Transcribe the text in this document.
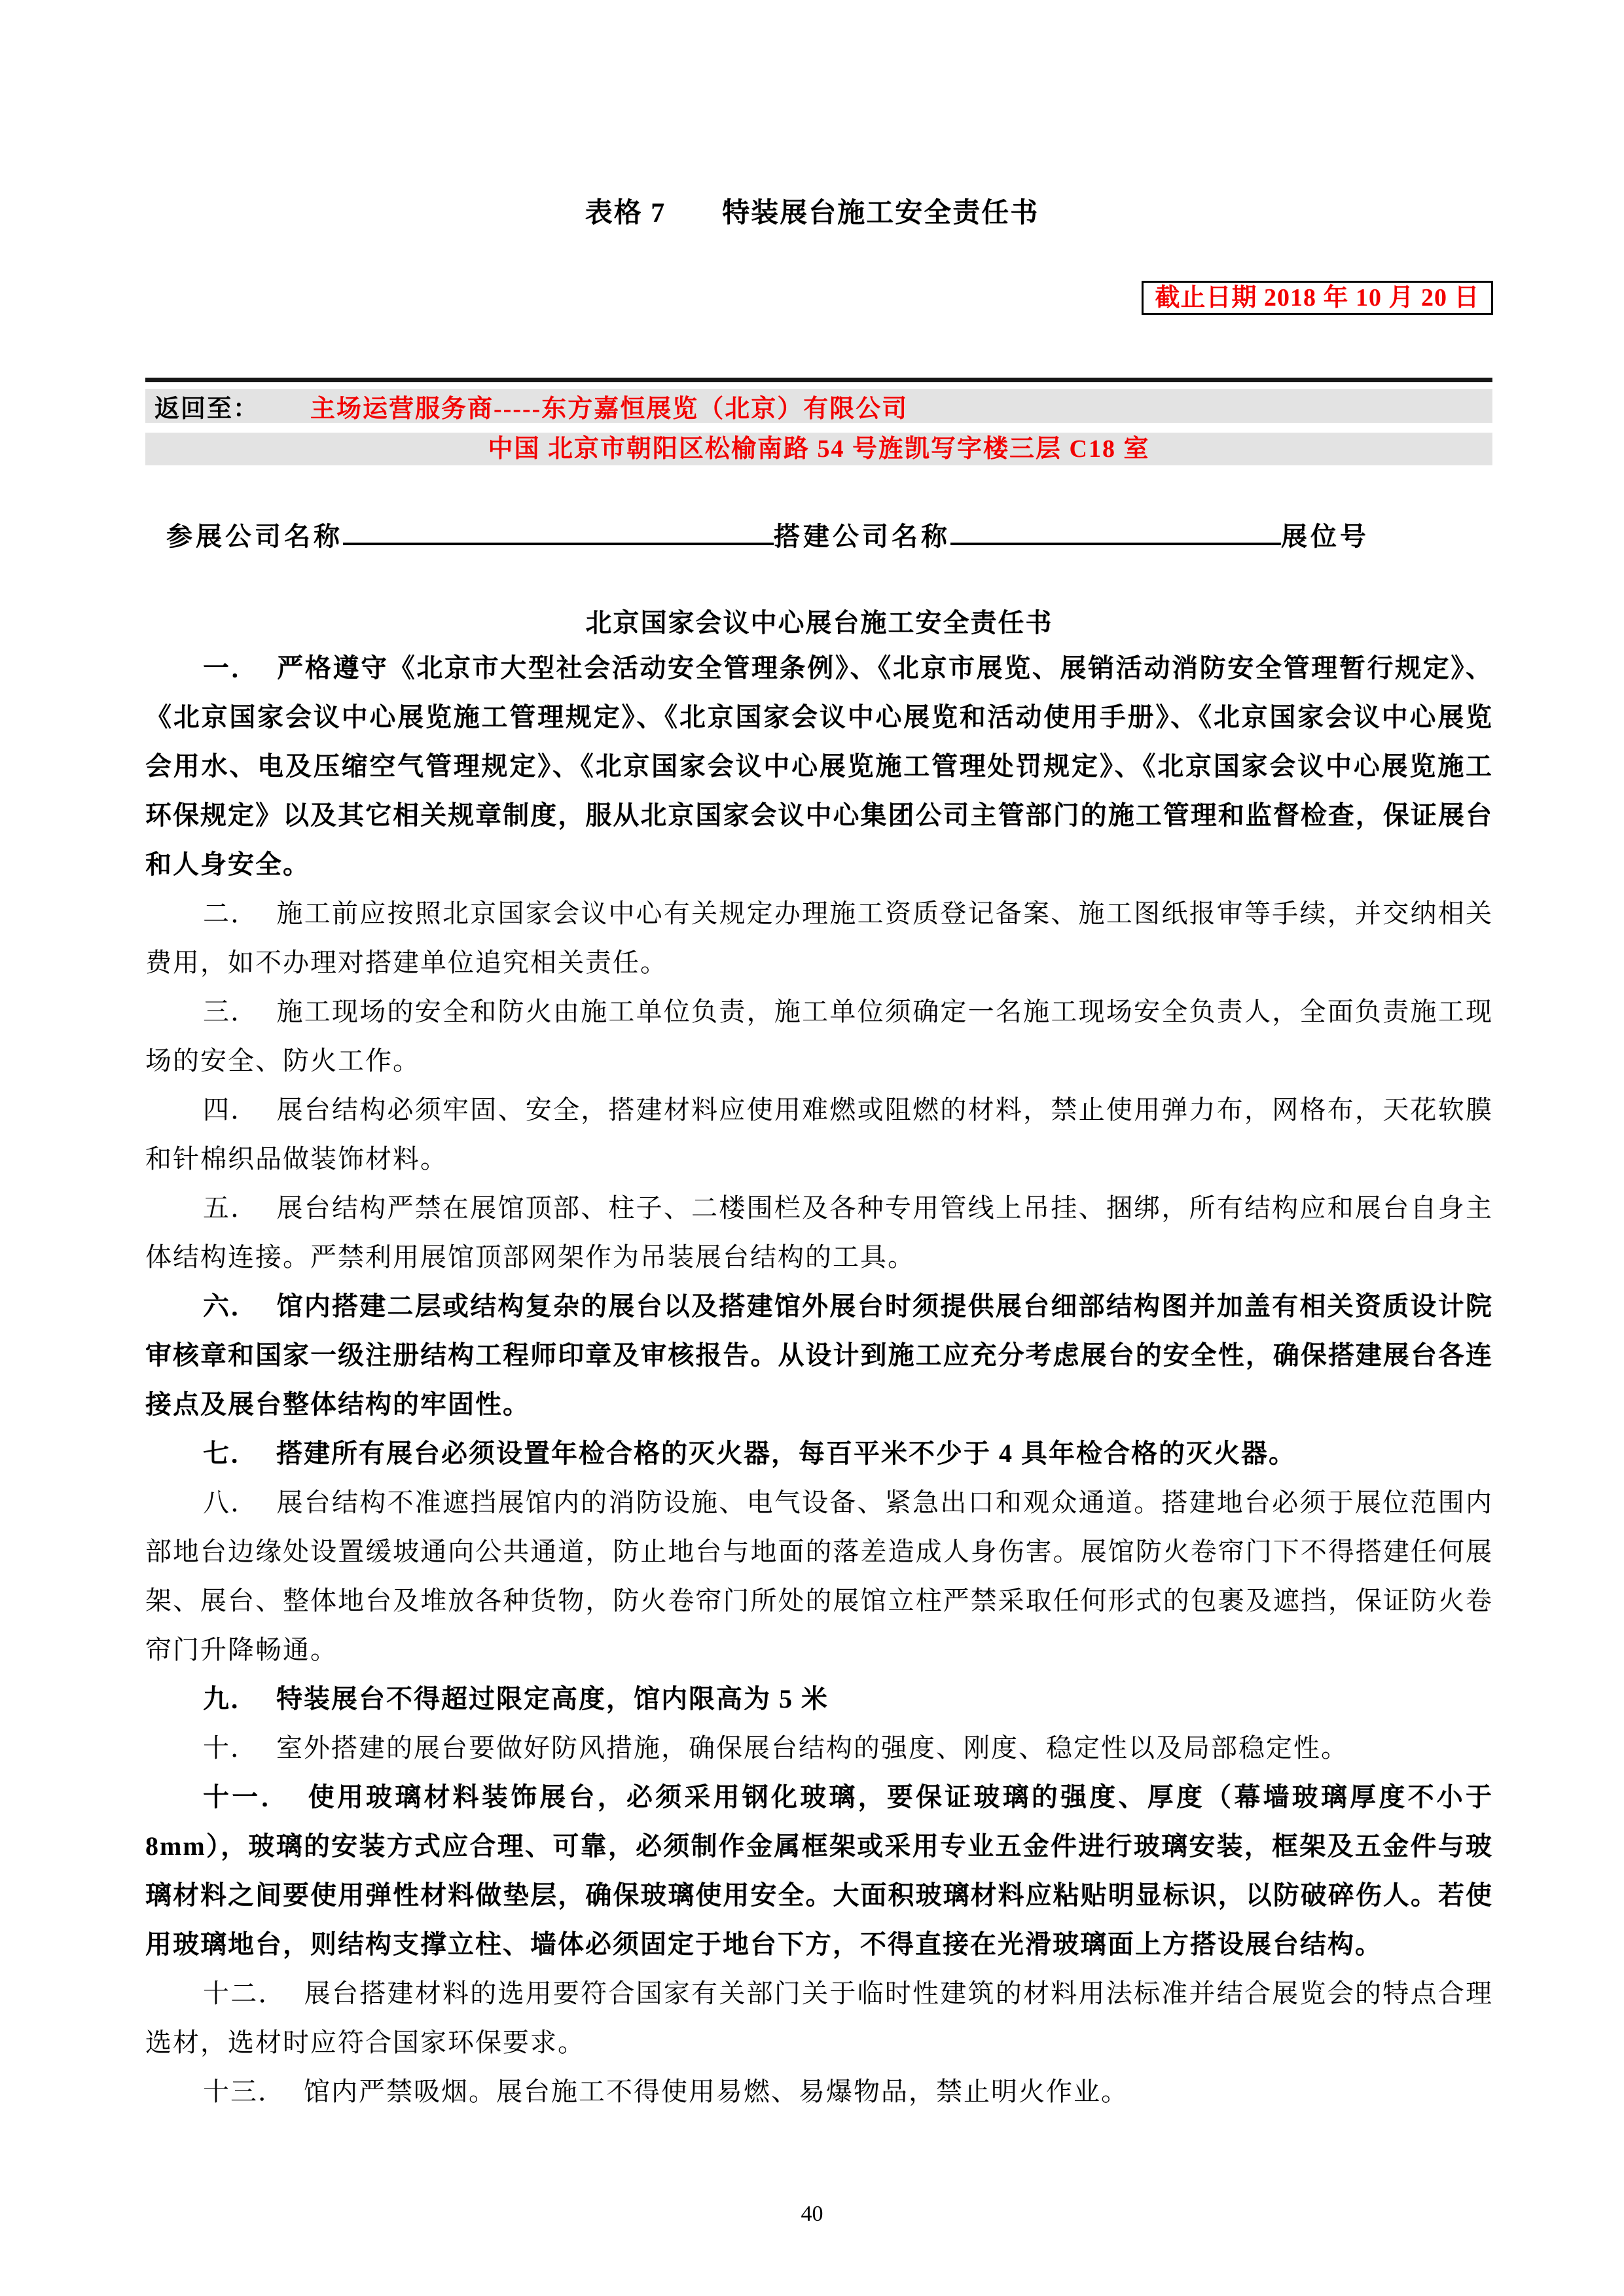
表格 7 特装展台施工安全责任书
截止日期 2018 年 10 月 20 日
返回至： 主场运营服务商-----东方嘉恒展览（北京）有限公司
中国 北京市朝阳区松榆南路 54 号旌凯写字楼三层 C18 室
参展公司名称	搭建公司名称	展位号
北京国家会议中心展台施工安全责任书

一． 严格遵守《北京市大型社会活动安全管理条例》、《北京市展览、展销活动消防安全管理暂行规定》、《北京国家会议中心展览施工管理规定》、《北京国家会议中心展览和活动使用手册》、《北京国家会议中心展览会用水、电及压缩空气管理规定》、《北京国家会议中心展览施工管理处罚规定》、《北京国家会议中心展览施工环保规定》以及其它相关规章制度，服从北京国家会议中心集团公司主管部门的施工管理和监督检查，保证展台和人身安全。

二． 施工前应按照北京国家会议中心有关规定办理施工资质登记备案、施工图纸报审等手续，并交纳相关费用，如不办理对搭建单位追究相关责任。

三． 施工现场的安全和防火由施工单位负责，施工单位须确定一名施工现场安全负责人，全面负责施工现场的安全、防火工作。

四． 展台结构必须牢固、安全，搭建材料应使用难燃或阻燃的材料，禁止使用弹力布，网格布，天花软膜和针棉织品做装饰材料。

五． 展台结构严禁在展馆顶部、柱子、二楼围栏及各种专用管线上吊挂、捆绑，所有结构应和展台自身主体结构连接。严禁利用展馆顶部网架作为吊装展台结构的工具。

六． 馆内搭建二层或结构复杂的展台以及搭建馆外展台时须提供展台细部结构图并加盖有相关资质设计院审核章和国家一级注册结构工程师印章及审核报告。从设计到施工应充分考虑展台的安全性，确保搭建展台各连接点及展台整体结构的牢固性。

七． 搭建所有展台必须设置年检合格的灭火器，每百平米不少于 4 具年检合格的灭火器。

八． 展台结构不准遮挡展馆内的消防设施、电气设备、紧急出口和观众通道。搭建地台必须于展位范围内部地台边缘处设置缓坡通向公共通道，防止地台与地面的落差造成人身伤害。展馆防火卷帘门下不得搭建任何展架、展台、整体地台及堆放各种货物，防火卷帘门所处的展馆立柱严禁采取任何形式的包裹及遮挡，保证防火卷帘门升降畅通。

九． 特装展台不得超过限定高度，馆内限高为 5 米

十． 室外搭建的展台要做好防风措施，确保展台结构的强度、刚度、稳定性以及局部稳定性。

十一． 使用玻璃材料装饰展台，必须采用钢化玻璃，要保证玻璃的强度、厚度（幕墙玻璃厚度不小于 8mm），玻璃的安装方式应合理、可靠，必须制作金属框架或采用专业五金件进行玻璃安装，框架及五金件与玻璃材料之间要使用弹性材料做垫层，确保玻璃使用安全。大面积玻璃材料应粘贴明显标识，以防破碎伤人。若使用玻璃地台，则结构支撑立柱、墙体必须固定于地台下方，不得直接在光滑玻璃面上方搭设展台结构。

十二． 展台搭建材料的选用要符合国家有关部门关于临时性建筑的材料用法标准并结合展览会的特点合理选材，选材时应符合国家环保要求。

十三． 馆内严禁吸烟。展台施工不得使用易燃、易爆物品，禁止明火作业。

40
